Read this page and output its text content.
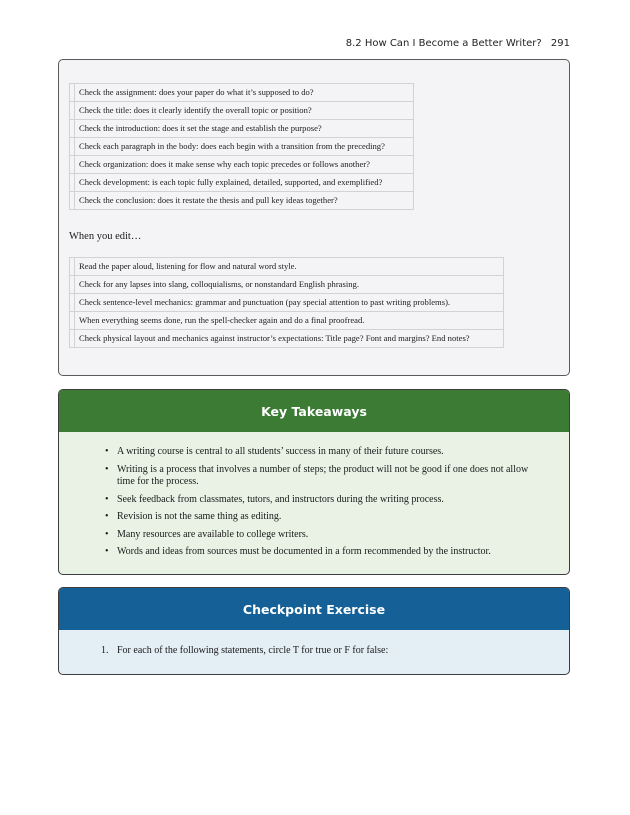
8.2 How Can I Become a Better Writer? 291
	Check the assignment: does your paper do what it’s supposed to do?
	Check the title: does it clearly identify the overall topic or position?
	Check the introduction: does it set the stage and establish the purpose?
	Check each paragraph in the body: does each begin with a transition from the preceding?
	Check organization: does it make sense why each topic precedes or follows another?
	Check development: is each topic fully explained, detailed, supported, and exemplified?
	Check the conclusion: does it restate the thesis and pull key ideas together?
When you edit…
	Read the paper aloud, listening for flow and natural word style.
	Check for any lapses into slang, colloquialisms, or nonstandard English phrasing.
	Check sentence-level mechanics: grammar and punctuation (pay special attention to past writing problems).
	When everything seems done, run the spell-checker again and do a final proofread.
	Check physical layout and mechanics against instructor’s expectations: Title page? Font and margins? End notes?
Key Takeaways
• A writing course is central to all students’ success in many of their future courses.
• Writing is a process that involves a number of steps; the product will not be good if one does not allow time for the process.
• Seek feedback from classmates, tutors, and instructors during the writing process.
• Revision is not the same thing as editing.
• Many resources are available to college writers.
• Words and ideas from sources must be documented in a form recommended by the instructor.
Checkpoint Exercise
1. For each of the following statements, circle T for true or F for false:
